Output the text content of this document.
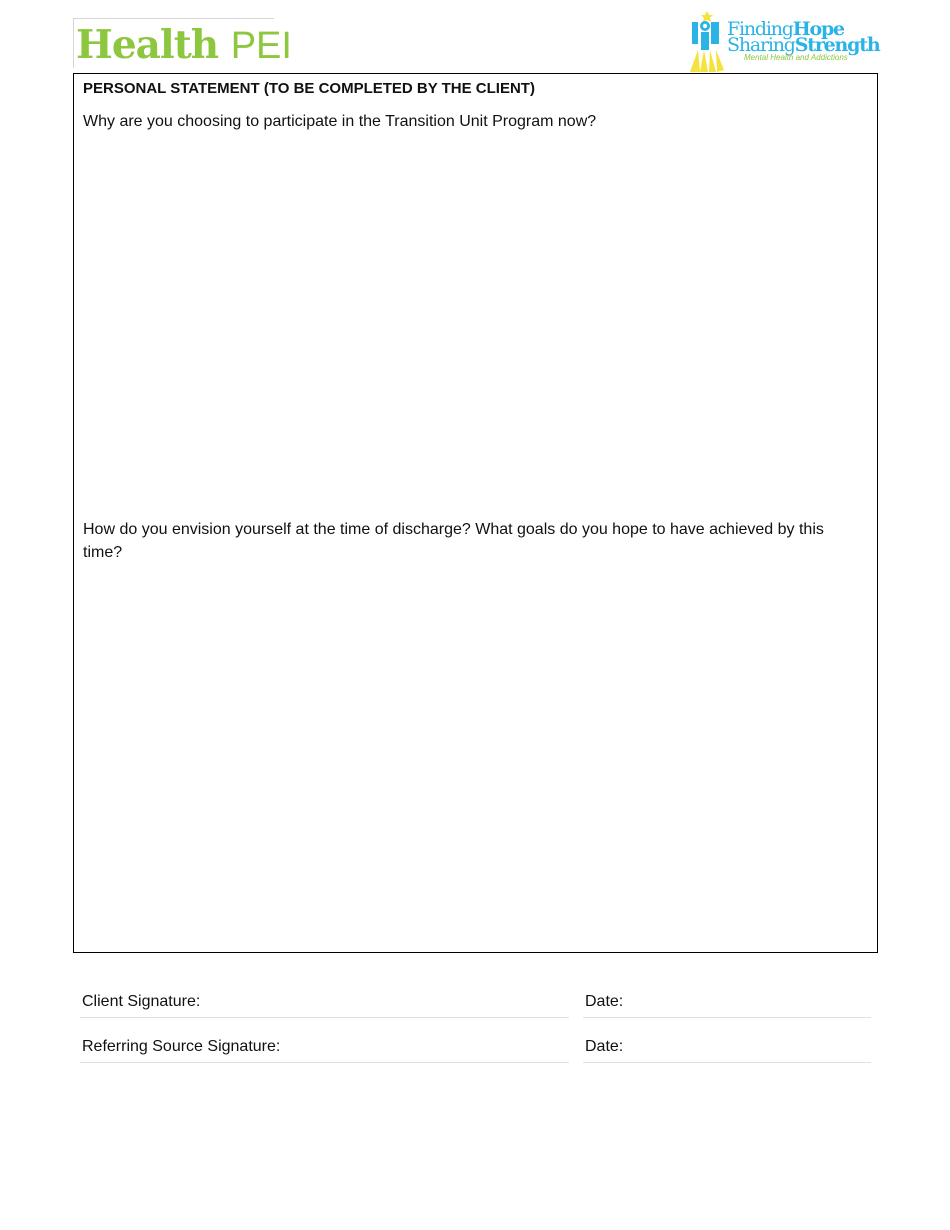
Health PEI	FindingHope
SharingStrength
Mental Health and Addictions
PERSONAL STATEMENT (TO BE COMPLETED BY THE CLIENT)
Why are you choosing to participate in the Transition Unit Program now?
How do you envision yourself at the time of discharge? What goals do you hope to have achieved by this time?
Client Signature:	Date:
Referring Source Signature:	Date:
